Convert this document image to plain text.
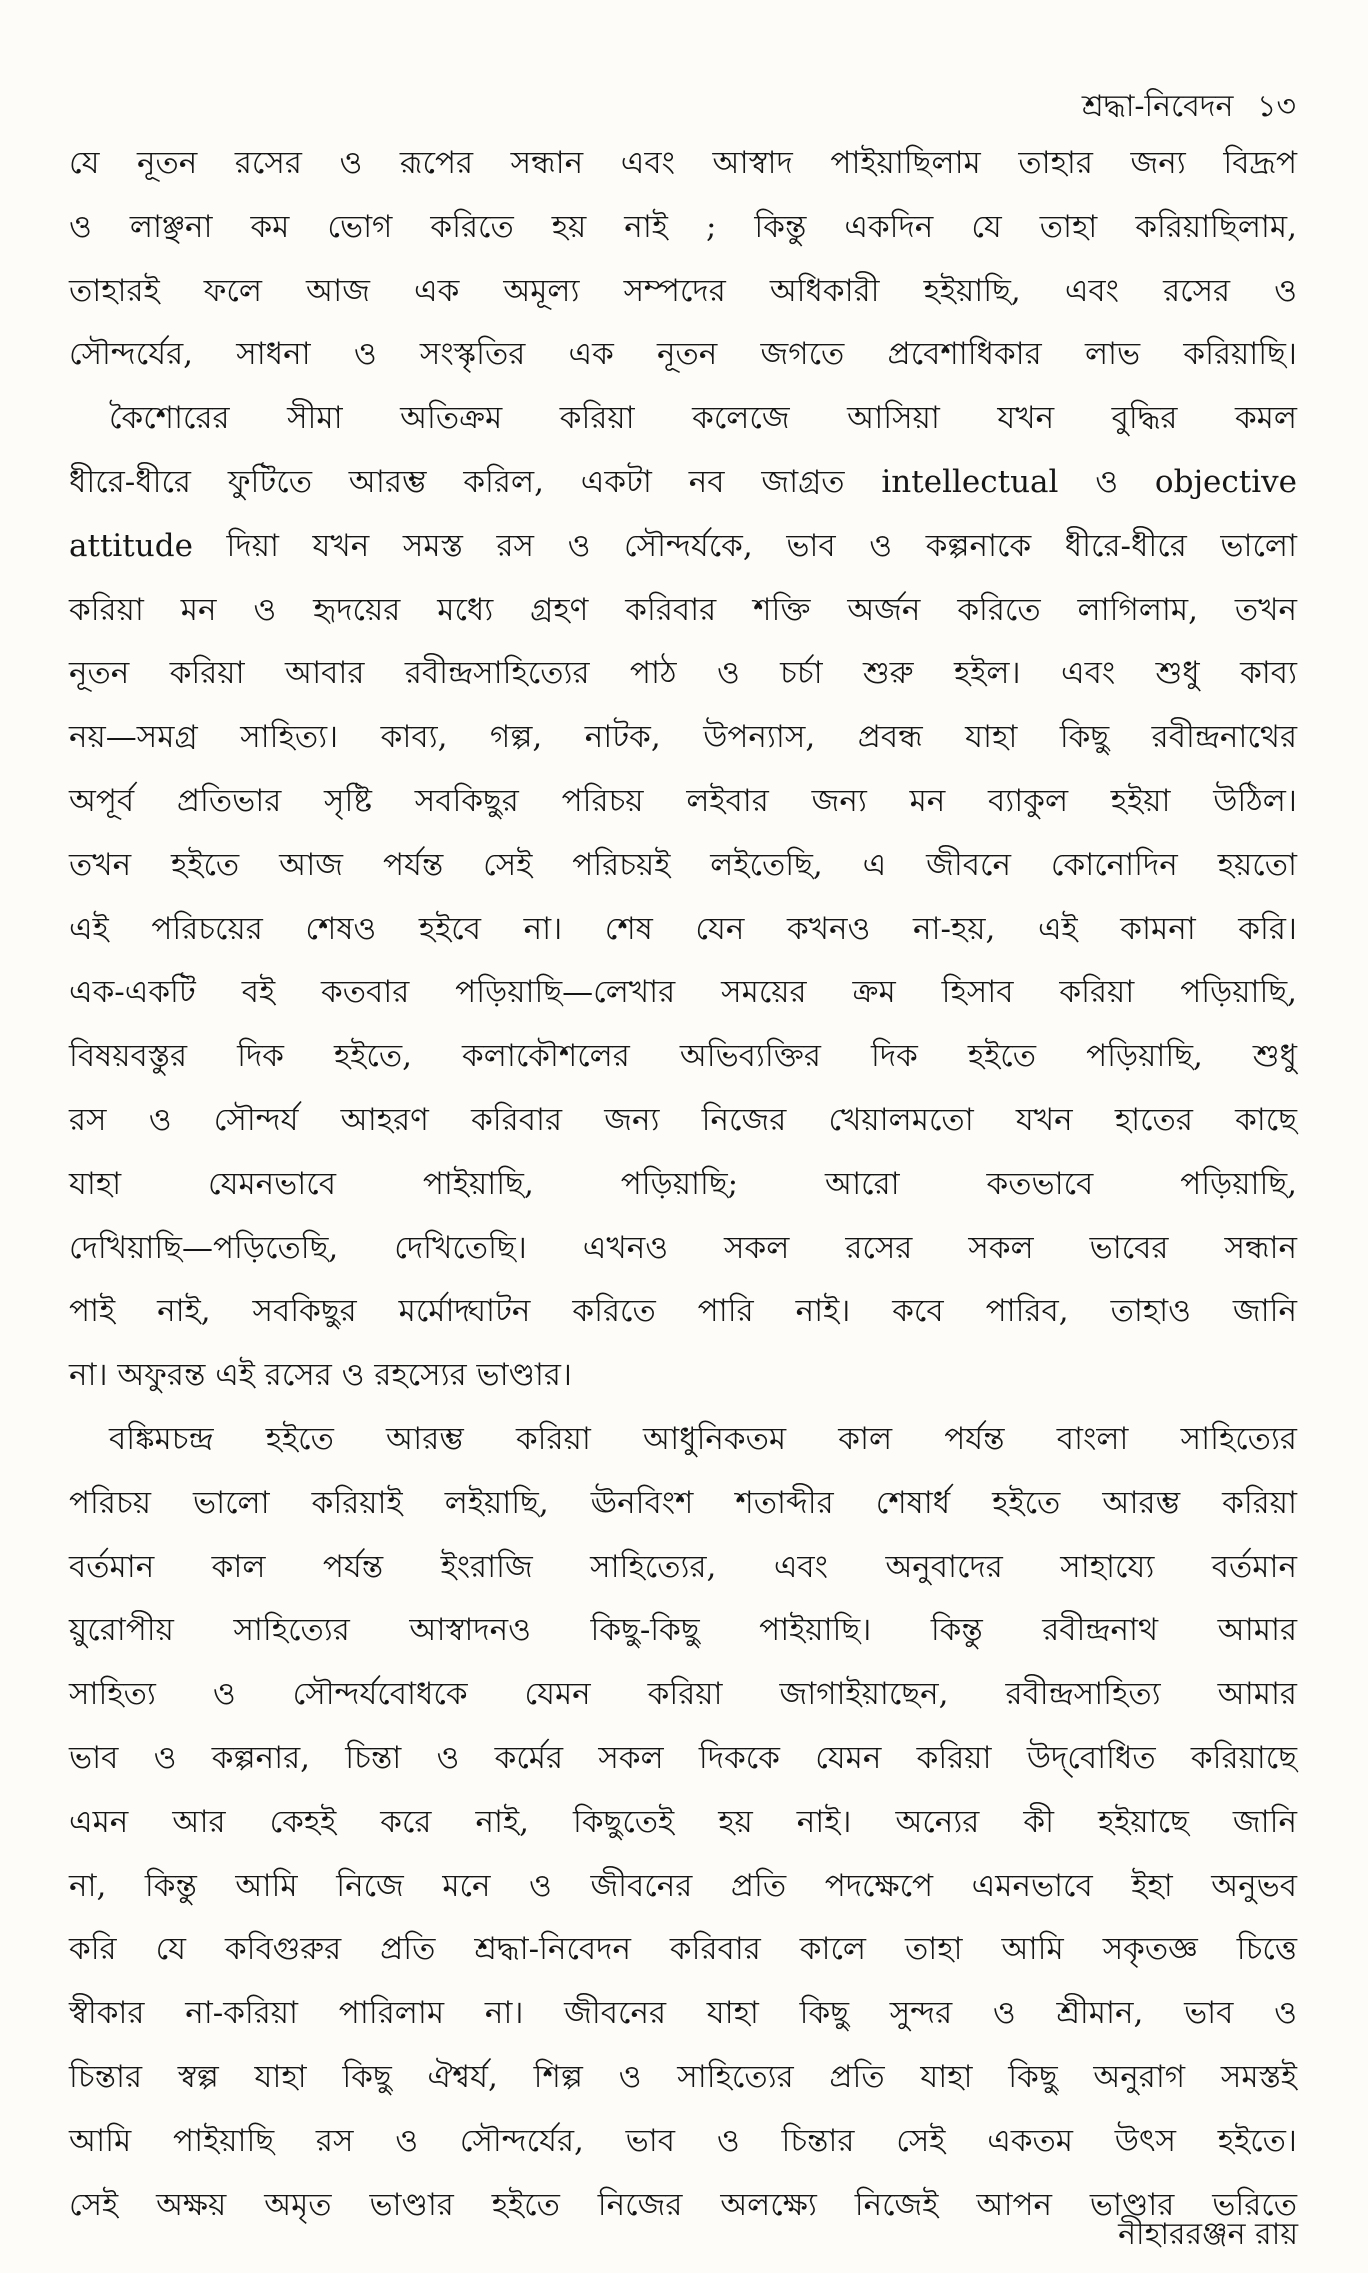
শ্রদ্ধা-নিবেদন ১৩
যে নূতন রসের ও রূপের সন্ধান এবং আস্বাদ পাইয়াছিলাম তাহার জন্য বিদ্রূপ
ও লাঞ্ছনা কম ভোগ করিতে হয় নাই ; কিন্তু একদিন যে তাহা করিয়াছিলাম,
তাহারই ফলে আজ এক অমূল্য সম্পদের অধিকারী হইয়াছি, এবং রসের ও
সৌন্দর্যের, সাধনা ও সংস্কৃতির এক নূতন জগতে প্রবেশাধিকার লাভ করিয়াছি।
কৈশোরের সীমা অতিক্রম করিয়া কলেজে আসিয়া যখন বুদ্ধির কমল
ধীরে-ধীরে ফুটিতে আরম্ভ করিল, একটা নব জাগ্রত intellectual ও objective
attitude দিয়া যখন সমস্ত রস ও সৌন্দর্যকে, ভাব ও কল্পনাকে ধীরে-ধীরে ভালো
করিয়া মন ও হৃদয়ের মধ্যে গ্রহণ করিবার শক্তি অর্জন করিতে লাগিলাম, তখন
নূতন করিয়া আবার রবীন্দ্রসাহিত্যের পাঠ ও চর্চা শুরু হইল। এবং শুধু কাব্য
নয়—সমগ্র সাহিত্য। কাব্য, গল্প, নাটক, উপন্যাস, প্রবন্ধ যাহা কিছু রবীন্দ্রনাথের
অপূর্ব প্রতিভার সৃষ্টি সবকিছুর পরিচয় লইবার জন্য মন ব্যাকুল হইয়া উঠিল।
তখন হইতে আজ পর্যন্ত সেই পরিচয়ই লইতেছি, এ জীবনে কোনোদিন হয়তো
এই পরিচয়ের শেষও হইবে না। শেষ যেন কখনও না-হয়, এই কামনা করি।
এক-একটি বই কতবার পড়িয়াছি—লেখার সময়ের ক্রম হিসাব করিয়া পড়িয়াছি,
বিষয়বস্তুর দিক হইতে, কলাকৌশলের অভিব্যক্তির দিক হইতে পড়িয়াছি, শুধু
রস ও সৌন্দর্য আহরণ করিবার জন্য নিজের খেয়ালমতো যখন হাতের কাছে
যাহা যেমনভাবে পাইয়াছি, পড়িয়াছি; আরো কতভাবে পড়িয়াছি,
দেখিয়াছি—পড়িতেছি, দেখিতেছি। এখনও সকল রসের সকল ভাবের সন্ধান
পাই নাই, সবকিছুর মর্মোদ্ঘাটন করিতে পারি নাই। কবে পারিব, তাহাও জানি
না। অফুরন্ত এই রসের ও রহস্যের ভাণ্ডার।
বঙ্কিমচন্দ্র হইতে আরম্ভ করিয়া আধুনিকতম কাল পর্যন্ত বাংলা সাহিত্যের
পরিচয় ভালো করিয়াই লইয়াছি, ঊনবিংশ শতাব্দীর শেষার্ধ হইতে আরম্ভ করিয়া
বর্তমান কাল পর্যন্ত ইংরাজি সাহিত্যের, এবং অনুবাদের সাহায্যে বর্তমান
য়ুরোপীয় সাহিত্যের আস্বাদনও কিছু-কিছু পাইয়াছি। কিন্তু রবীন্দ্রনাথ আমার
সাহিত্য ও সৌন্দর্যবোধকে যেমন করিয়া জাগাইয়াছেন, রবীন্দ্রসাহিত্য আমার
ভাব ও কল্পনার, চিন্তা ও কর্মের সকল দিককে যেমন করিয়া উদ্‌বোধিত করিয়াছে
এমন আর কেহই করে নাই, কিছুতেই হয় নাই। অন্যের কী হইয়াছে জানি
না, কিন্তু আমি নিজে মনে ও জীবনের প্রতি পদক্ষেপে এমনভাবে ইহা অনুভব
করি যে কবিগুরুর প্রতি শ্রদ্ধা-নিবেদন করিবার কালে তাহা আমি সকৃতজ্ঞ চিত্তে
স্বীকার না-করিয়া পারিলাম না। জীবনের যাহা কিছু সুন্দর ও শ্রীমান, ভাব ও
চিন্তার স্বল্প যাহা কিছু ঐশ্বর্য, শিল্প ও সাহিত্যের প্রতি যাহা কিছু অনুরাগ সমস্তই
আমি পাইয়াছি রস ও সৌন্দর্যের, ভাব ও চিন্তার সেই একতম উৎস হইতে।
সেই অক্ষয় অমৃত ভাণ্ডার হইতে নিজের অলক্ষ্যে নিজেই আপন ভাণ্ডার ভরিতে
নীহাররঞ্জন রায়
